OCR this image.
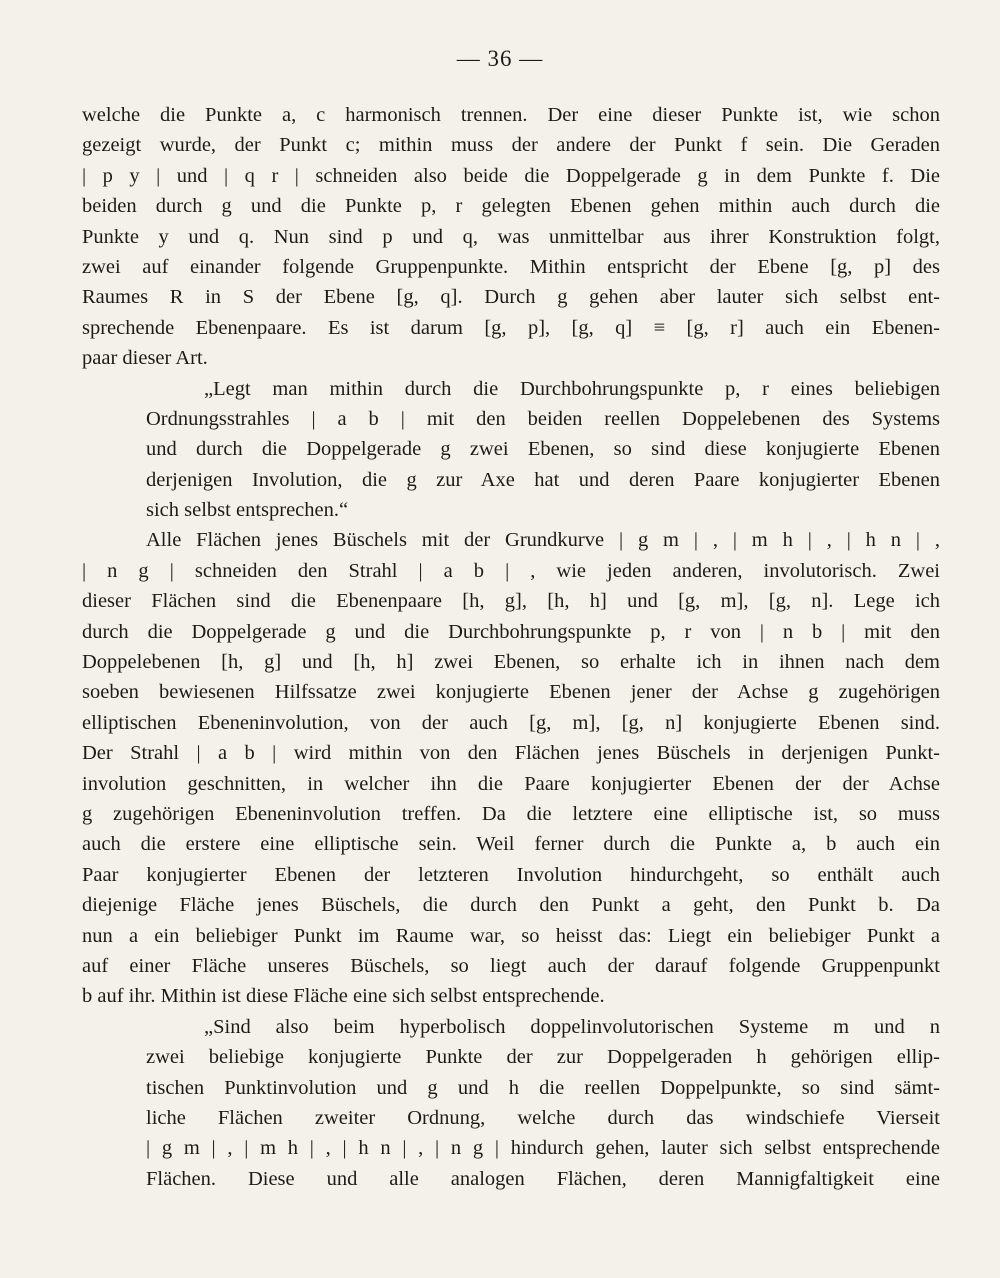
— 36 —
welche die Punkte a, c harmonisch trennen. Der eine dieser Punkte ist, wie schon
gezeigt wurde, der Punkt c; mithin muss der andere der Punkt f sein. Die Geraden
| p y | und | q r | schneiden also beide die Doppelgerade g in dem Punkte f. Die
beiden durch g und die Punkte p, r gelegten Ebenen gehen mithin auch durch die
Punkte y und q. Nun sind p und q, was unmittelbar aus ihrer Konstruktion folgt,
zwei auf einander folgende Gruppenpunkte. Mithin entspricht der Ebene [g, p] des
Raumes R in S der Ebene [g, q]. Durch g gehen aber lauter sich selbst ent-
sprechende Ebenenpaare. Es ist darum [g, p], [g, q] ≡ [g, r] auch ein Ebenen-
paar dieser Art.
„Legt man mithin durch die Durchbohrungspunkte p, r eines beliebigen
Ordnungsstrahles | a b | mit den beiden reellen Doppelebenen des Systems
und durch die Doppelgerade g zwei Ebenen, so sind diese konjugierte Ebenen
derjenigen Involution, die g zur Axe hat und deren Paare konjugierter Ebenen
sich selbst entsprechen.“
Alle Flächen jenes Büschels mit der Grundkurve | g m | , | m h | , | h n | ,
| n g | schneiden den Strahl | a b | , wie jeden anderen, involutorisch. Zwei
dieser Flächen sind die Ebenenpaare [h, g], [h, h] und [g, m], [g, n]. Lege ich
durch die Doppelgerade g und die Durchbohrungspunkte p, r von | n b | mit den
Doppelebenen [h, g] und [h, h] zwei Ebenen, so erhalte ich in ihnen nach dem
soeben bewiesenen Hilfssatze zwei konjugierte Ebenen jener der Achse g zugehörigen
elliptischen Ebeneninvolution, von der auch [g, m], [g, n] konjugierte Ebenen sind.
Der Strahl | a b | wird mithin von den Flächen jenes Büschels in derjenigen Punkt-
involution geschnitten, in welcher ihn die Paare konjugierter Ebenen der der Achse
g zugehörigen Ebeneninvolution treffen. Da die letztere eine elliptische ist, so muss
auch die erstere eine elliptische sein. Weil ferner durch die Punkte a, b auch ein
Paar konjugierter Ebenen der letzteren Involution hindurchgeht, so enthält auch
diejenige Fläche jenes Büschels, die durch den Punkt a geht, den Punkt b. Da
nun a ein beliebiger Punkt im Raume war, so heisst das: Liegt ein beliebiger Punkt a
auf einer Fläche unseres Büschels, so liegt auch der darauf folgende Gruppenpunkt
b auf ihr. Mithin ist diese Fläche eine sich selbst entsprechende.
„Sind also beim hyperbolisch doppelinvolutorischen Systeme m und n
zwei beliebige konjugierte Punkte der zur Doppelgeraden h gehörigen ellip-
tischen Punktinvolution und g und h die reellen Doppelpunkte, so sind sämt-
liche Flächen zweiter Ordnung, welche durch das windschiefe Vierseit
| g m | , | m h | , | h n | , | n g | hindurch gehen, lauter sich selbst entsprechende
Flächen. Diese und alle analogen Flächen, deren Mannigfaltigkeit eine
